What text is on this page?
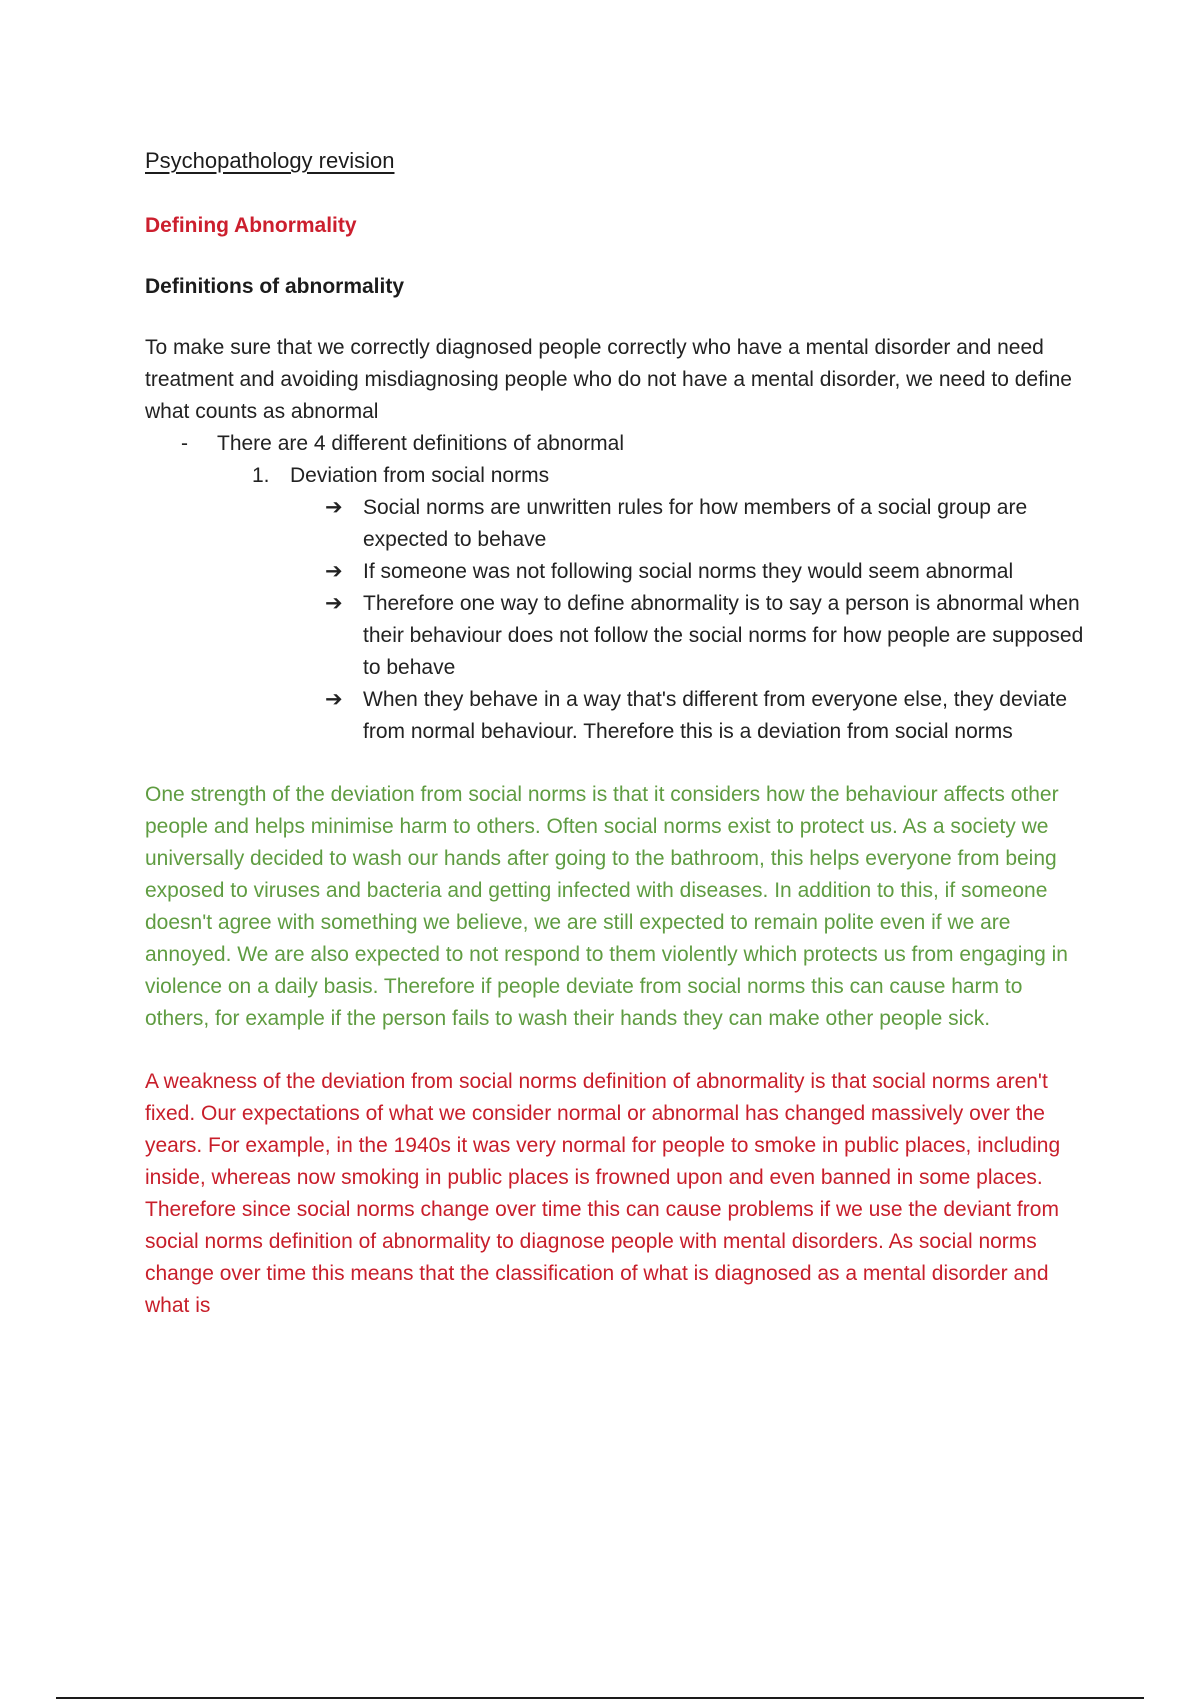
Psychopathology revision
Defining Abnormality
Definitions of abnormality

To make sure that we correctly diagnosed people correctly who have a mental disorder and need treatment and avoiding misdiagnosing people who do not have a mental disorder, we need to define what counts as abnormal

- There are 4 different definitions of abnormal
1. Deviation from social norms
➔ Social norms are unwritten rules for how members of a social group are expected to behave
➔ If someone was not following social norms they would seem abnormal
➔ Therefore one way to define abnormality is to say a person is abnormal when their behaviour does not follow the social norms for how people are supposed to behave
➔ When they behave in a way that's different from everyone else, they deviate from normal behaviour. Therefore this is a deviation from social norms

One strength of the deviation from social norms is that it considers how the behaviour affects other people and helps minimise harm to others. Often social norms exist to protect us. As a society we universally decided to wash our hands after going to the bathroom, this helps everyone from being exposed to viruses and bacteria and getting infected with diseases. In addition to this, if someone doesn't agree with something we believe, we are still expected to remain polite even if we are annoyed. We are also expected to not respond to them violently which protects us from engaging in violence on a daily basis. Therefore if people deviate from social norms this can cause harm to others, for example if the person fails to wash their hands they can make other people sick.

A weakness of the deviation from social norms definition of abnormality is that social norms aren't fixed. Our expectations of what we consider normal or abnormal has changed massively over the years. For example, in the 1940s it was very normal for people to smoke in public places, including inside, whereas now smoking in public places is frowned upon and even banned in some places. Therefore since social norms change over time this can cause problems if we use the deviant from social norms definition of abnormality to diagnose people with mental disorders. As social norms change over time this means that the classification of what is diagnosed as a mental disorder and what is
